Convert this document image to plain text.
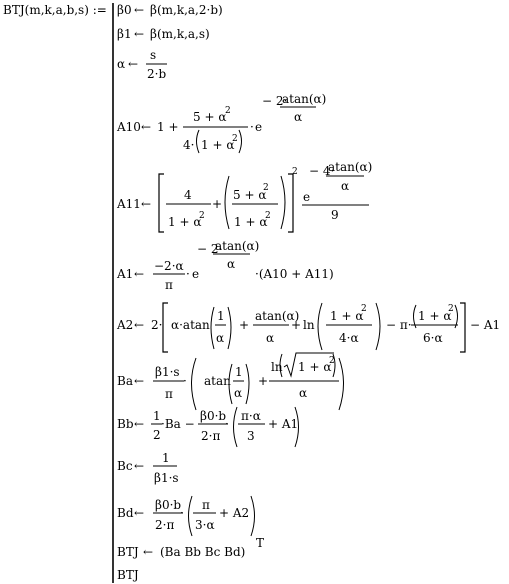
BTJ(m,k,a,b,s) := β0 ← β(m,k,a,2·b)
β1 ← β(m,k,a,s)
α ←
s
2·b
A10 ← 1 +
5 + α
2
4· 1 + α
2
· e
− 2·
atan(α)
α
A11 ←
4
1 + α
2
+
5 + α
2
1 + α
2
2
e
− 4·
atan(α)
α
9
A1 ←
−2·α
π
· e
− 2·
atan(α)
α
·(A10 + A11)
A2 ← 2· α·atan
1
α
+
atan(α)
α
+ ln
1 + α
2
4·α
− π·
1 + α
2
6·α
− A1
Ba ←
β1·s
π
· atan
1
α
+
ln 1 + α
2
α
Bb ←
1
2
·Ba −
β0·b
2·π
·
π·α
3
+ A1
Bc ←
1
β1·s
Bd ←
β0·b
2·π
·
π
3·α
+ A2
BTJ ← (Ba Bb Bc Bd)
T
BTJ
